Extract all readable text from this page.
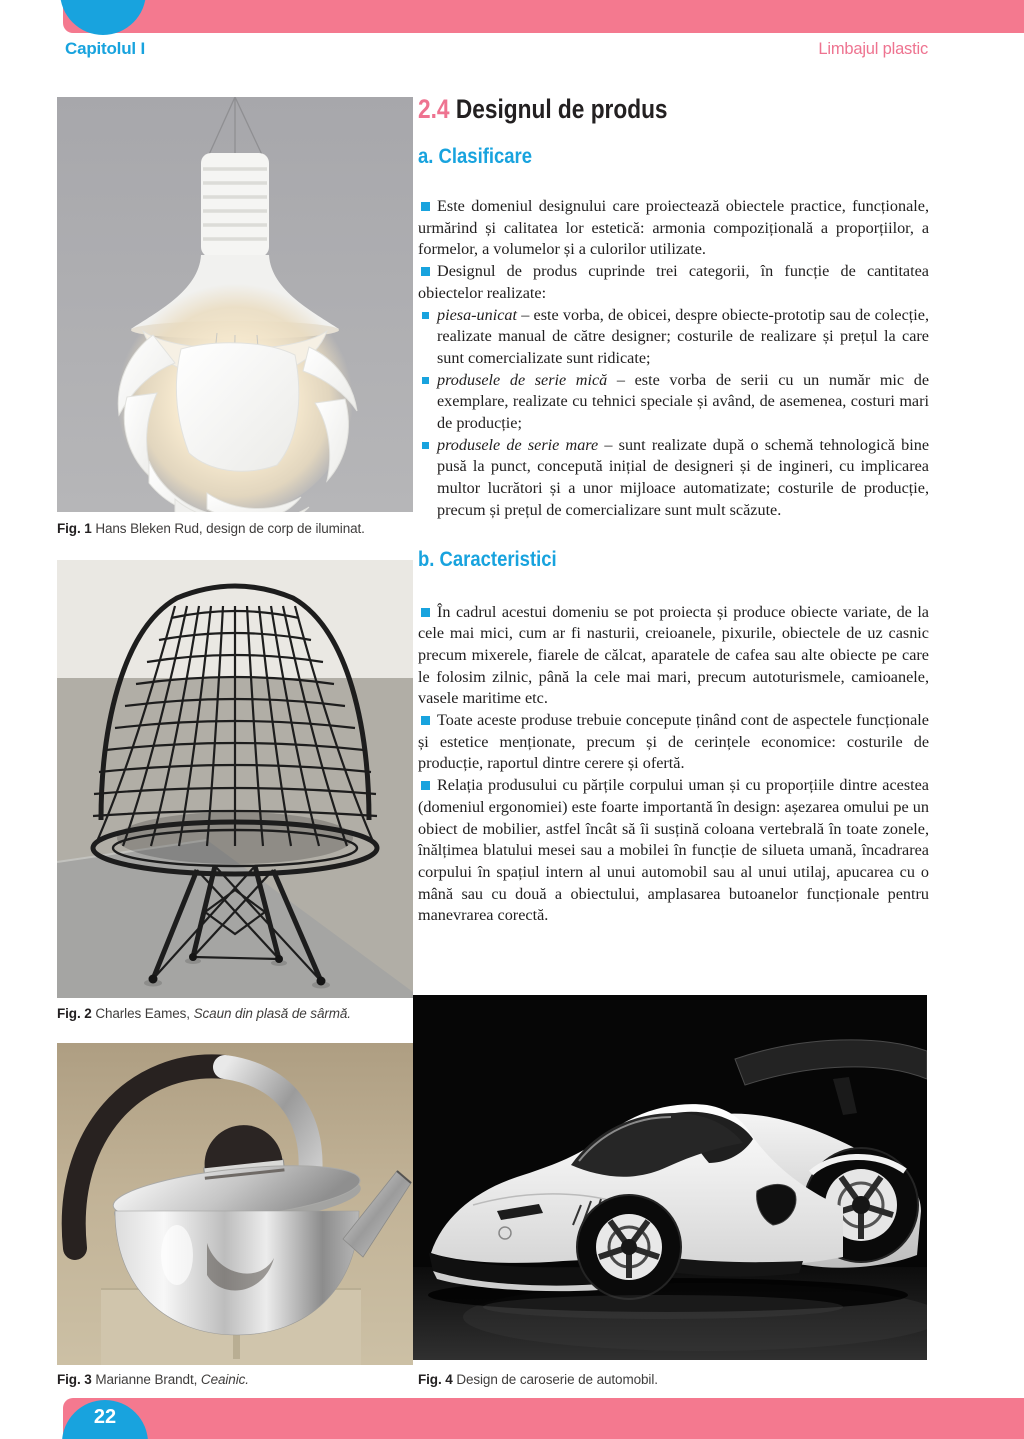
Capitolul I	Limbajul plastic
Fig. 1 Hans Bleken Rud, design de corp de iluminat.
Fig. 2 Charles Eames, Scaun din plasă de sârmă.
Fig. 3 Marianne Brandt, Ceainic.	Fig. 4 Design de caroserie de automobil.
2.4 Designul de produs
a. Clasificare

Este domeniul designului care proiectează obiectele practice, funcționale, urmărind și calitatea lor estetică: armonia compozițională a proporțiilor, a formelor, a volumelor și a culorilor utilizate.

Designul de produs cuprinde trei categorii, în funcție de cantitatea obiectelor realizate:

piesa-unicat – este vorba, de obicei, despre obiecte-prototip sau de colecție, realizate manual de către designer; costurile de realizare și prețul la care sunt comercializate sunt ridicate;
produsele de serie mică – este vorba de serii cu un număr mic de exemplare, realizate cu tehnici speciale și având, de asemenea, costuri mari de producție;
produsele de serie mare – sunt realizate după o schemă tehnologică bine pusă la punct, concepută inițial de designeri și de ingineri, cu implicarea multor lucrători și a unor mijloace automatizate; costurile de producție, precum și prețul de comercializare sunt mult scăzute.
b. Caracteristici

În cadrul acestui domeniu se pot proiecta și produce obiecte variate, de la cele mai mici, cum ar fi nasturii, creioanele, pixurile, obiectele de uz casnic precum mixerele, fiarele de călcat, aparatele de cafea sau alte obiecte pe care le folosim zilnic, până la cele mai mari, precum autoturismele, camioanele, vasele maritime etc.

Toate aceste produse trebuie concepute ținând cont de aspectele funcționale și estetice menționate, precum și de cerințele economice: costurile de producție, raportul dintre cerere și ofertă.

Relația produsului cu părțile corpului uman și cu proporțiile dintre acestea (domeniul ergonomiei) este foarte importantă în design: așezarea omului pe un obiect de mobilier, astfel încât să îi susțină coloana vertebrală în toate zonele, înălțimea blatului mesei sau a mobilei în funcție de silueta umană, încadrarea corpului în spațiul intern al unui automobil sau al unui utilaj, apucarea cu o mână sau cu două a obiectului, amplasarea butoanelor funcționale pentru manevrarea corectă.

22
